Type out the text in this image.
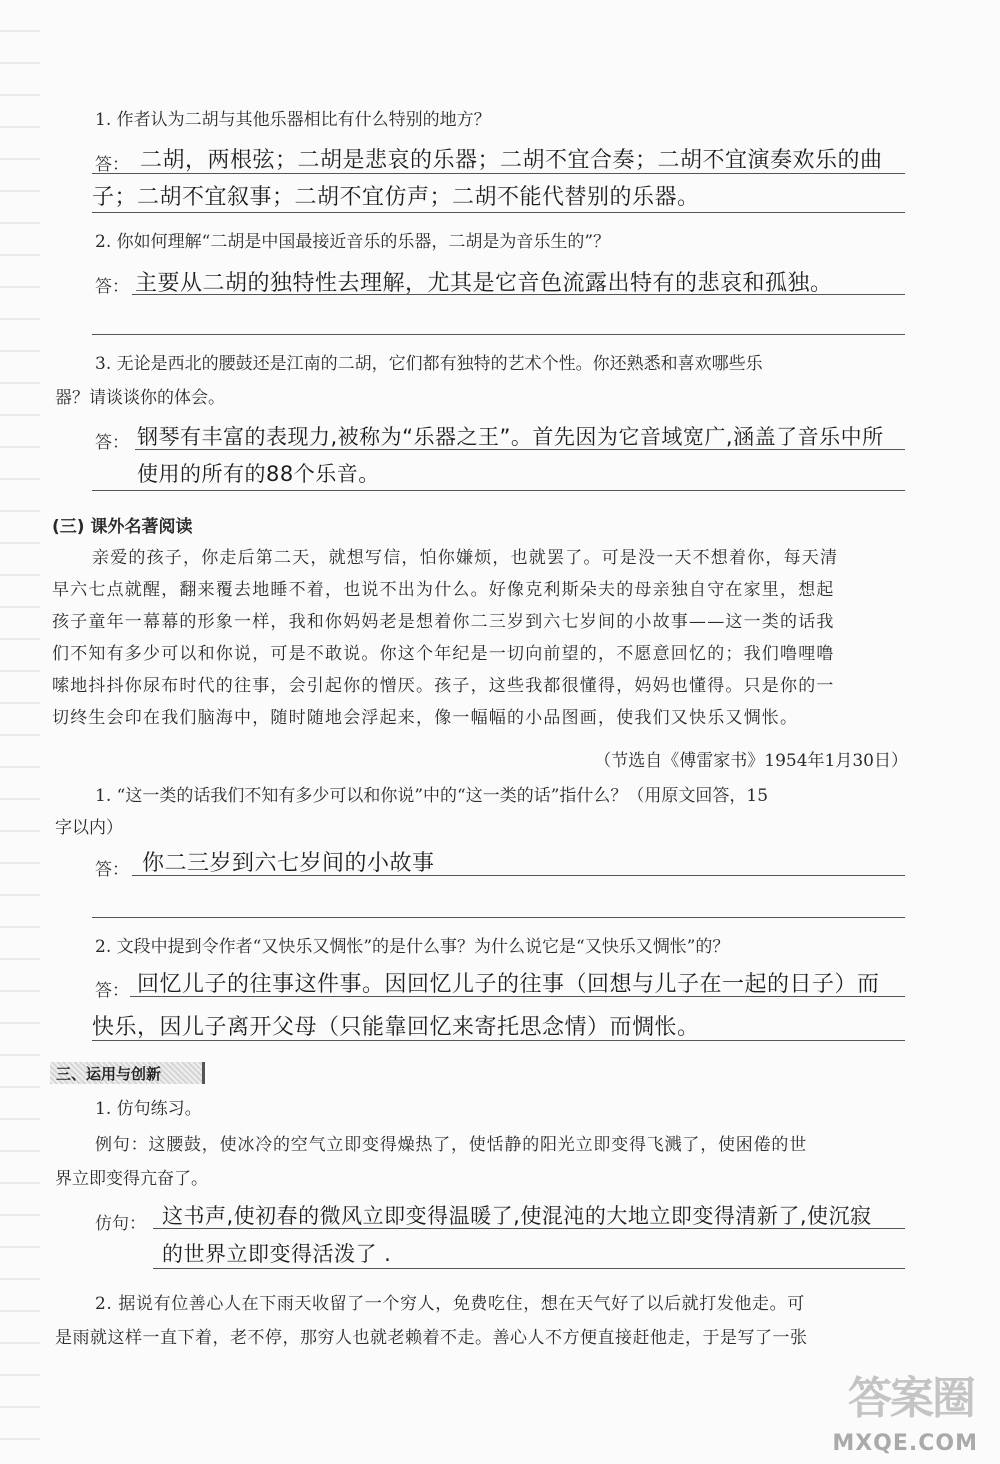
1. 作者认为二胡与其他乐器相比有什么特别的地方？
答： 二胡，两根弦；二胡是悲哀的乐器；二胡不宜合奏；二胡不宜演奏欢乐的曲
子；二胡不宜叙事；二胡不宜仿声；二胡不能代替别的乐器。
2. 你如何理解“二胡是中国最接近音乐的乐器，二胡是为音乐生的”？
答： 主要从二胡的独特性去理解，尤其是它音色流露出特有的悲哀和孤独。
3. 无论是西北的腰鼓还是江南的二胡，它们都有独特的艺术个性。你还熟悉和喜欢哪些乐
器？请谈谈你的体会。
答： 钢琴有丰富的表现力,被称为“乐器之王”。首先因为它音域宽广,涵盖了音乐中所
使用的所有的88个乐音。
(三) 课外名著阅读

亲爱的孩子，你走后第二天，就想写信，怕你嫌烦，也就罢了。可是没一天不想着你，每天清

早六七点就醒，翻来覆去地睡不着，也说不出为什么。好像克利斯朵夫的母亲独自守在家里，想起

孩子童年一幕幕的形象一样，我和你妈妈老是想着你二三岁到六七岁间的小故事——这一类的话我

们不知有多少可以和你说，可是不敢说。你这个年纪是一切向前望的，不愿意回忆的；我们噜哩噜

嗦地抖抖你尿布时代的往事，会引起你的憎厌。孩子，这些我都很懂得，妈妈也懂得。只是你的一

切终生会印在我们脑海中，随时随地会浮起来，像一幅幅的小品图画，使我们又快乐又惆怅。

（节选自《傅雷家书》1954年1月30日）
1. “这一类的话我们不知有多少可以和你说”中的“这一类的话”指什么？（用原文回答，15
字以内）
答： 你二三岁到六七岁间的小故事
2. 文段中提到令作者“又快乐又惆怅”的是什么事？为什么说它是“又快乐又惆怅”的？
答： 回忆儿子的往事这件事。因回忆儿子的往事（回想与儿子在一起的日子）而
快乐，因儿子离开父母（只能靠回忆来寄托思念情）而惆怅。
三、运用与创新
1. 仿句练习。
例句：这腰鼓，使冰冷的空气立即变得燥热了，使恬静的阳光立即变得飞溅了，使困倦的世
界立即变得亢奋了。
仿句： 这书声,使初春的微风立即变得温暖了,使混沌的大地立即变得清新了,使沉寂
的世界立即变得活泼了 .
2. 据说有位善心人在下雨天收留了一个穷人，免费吃住，想在天气好了以后就打发他走。可
是雨就这样一直下着，老不停，那穷人也就老赖着不走。善心人不方便直接赶他走，于是写了一张
答案圈
MXQE.COM
